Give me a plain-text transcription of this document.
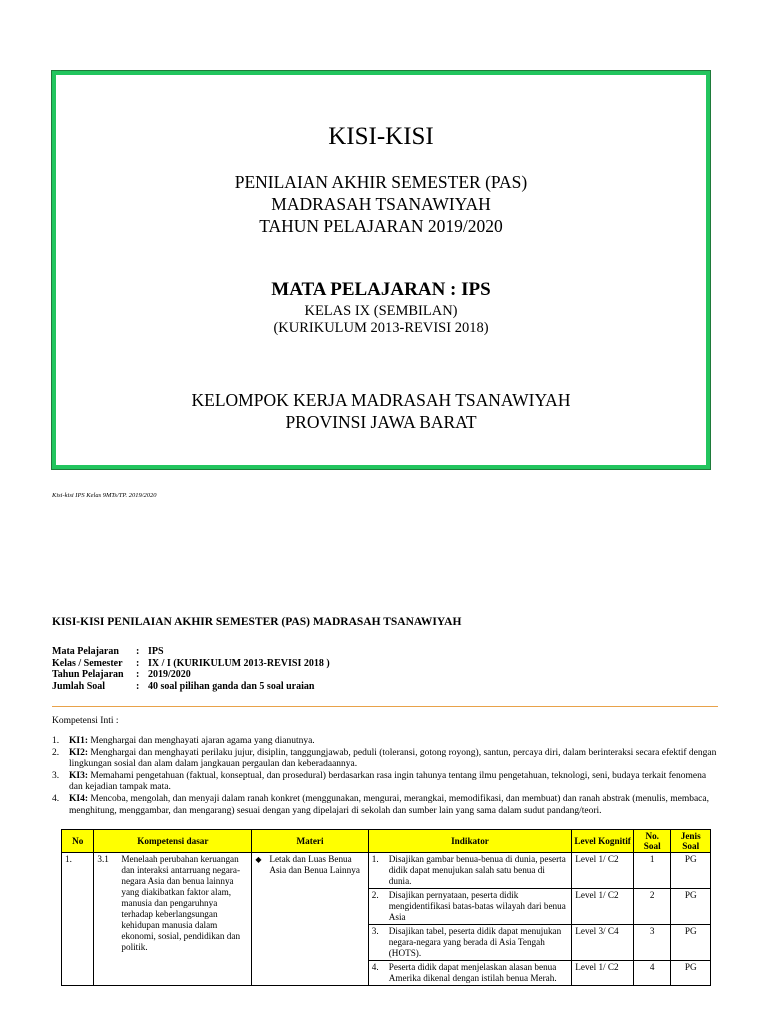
KISI-KISI
PENILAIAN AKHIR SEMESTER (PAS)
MADRASAH TSANAWIYAH
TAHUN PELAJARAN 2019/2020
MATA PELAJARAN : IPS
KELAS IX (SEMBILAN)
(KURIKULUM 2013-REVISI 2018)
KELOMPOK KERJA MADRASAH TSANAWIYAH
PROVINSI JAWA BARAT
Kisi-kisi IPS Kelas 9MTs/TP. 2019/2020
KISI-KISI PENILAIAN AKHIR SEMESTER (PAS) MADRASAH TSANAWIYAH
Mata Pelajaran : IPS
Kelas / Semester : IX / I (KURIKULUM 2013-REVISI 2018 )
Tahun Pelajaran : 2019/2020
Jumlah Soal	: 40 soal pilihan ganda dan 5 soal uraian
Kompetensi Inti :
1.	KI1: Menghargai dan menghayati ajaran agama yang dianutnya.
2.	KI2: Menghargai dan menghayati perilaku jujur, disiplin, tanggungjawab, peduli (toleransi, gotong royong), santun, percaya diri, dalam berinteraksi secara efektif dengan lingkungan sosial dan alam dalam jangkauan pergaulan dan keberadaannya.
3.	KI3: Memahami pengetahuan (faktual, konseptual, dan prosedural) berdasarkan rasa ingin tahunya tentang ilmu pengetahuan, teknologi, seni, budaya terkait fenomena dan kejadian tampak mata.
4.	KI4: Mencoba, mengolah, dan menyaji dalam ranah konkret (menggunakan, mengurai, merangkai, memodifikasi, dan membuat) dan ranah abstrak (menulis, membaca, menghitung, menggambar, dan mengarang) sesuai dengan yang dipelajari di sekolah dan sumber lain yang sama dalam sudut pandang/teori.
No	Kompetensi dasar	Materi	Indikator	Level Kognitif	No. Soal	Jenis Soal
1.	3.1 Menelaah perubahan keruangan dan interaksi antarruang negara-negara Asia dan benua lainnya yang diakibatkan faktor alam, manusia dan pengaruhnya terhadap keberlangsungan kehidupan manusia dalam ekonomi, sosial, pendidikan dan politik.	◆ Letak dan Luas Benua Asia dan Benua Lainnya	1. Disajikan gambar benua-benua di dunia, peserta didik dapat menujukan salah satu benua di dunia.	Level 1/ C2	1	PG

			2. Disajikan pernyataan, peserta didik mengidentifikasi batas-batas wilayah dari benua Asia	Level 1/ C2	2	PG

			3. Disajikan tabel, peserta didik dapat menujukan negara-negara yang berada di Asia Tengah (HOTS).	Level 3/ C4	3	PG

			4. Peserta didik dapat menjelaskan alasan benua Amerika dikenal dengan istilah benua Merah.	Level 1/ C2	4	PG
